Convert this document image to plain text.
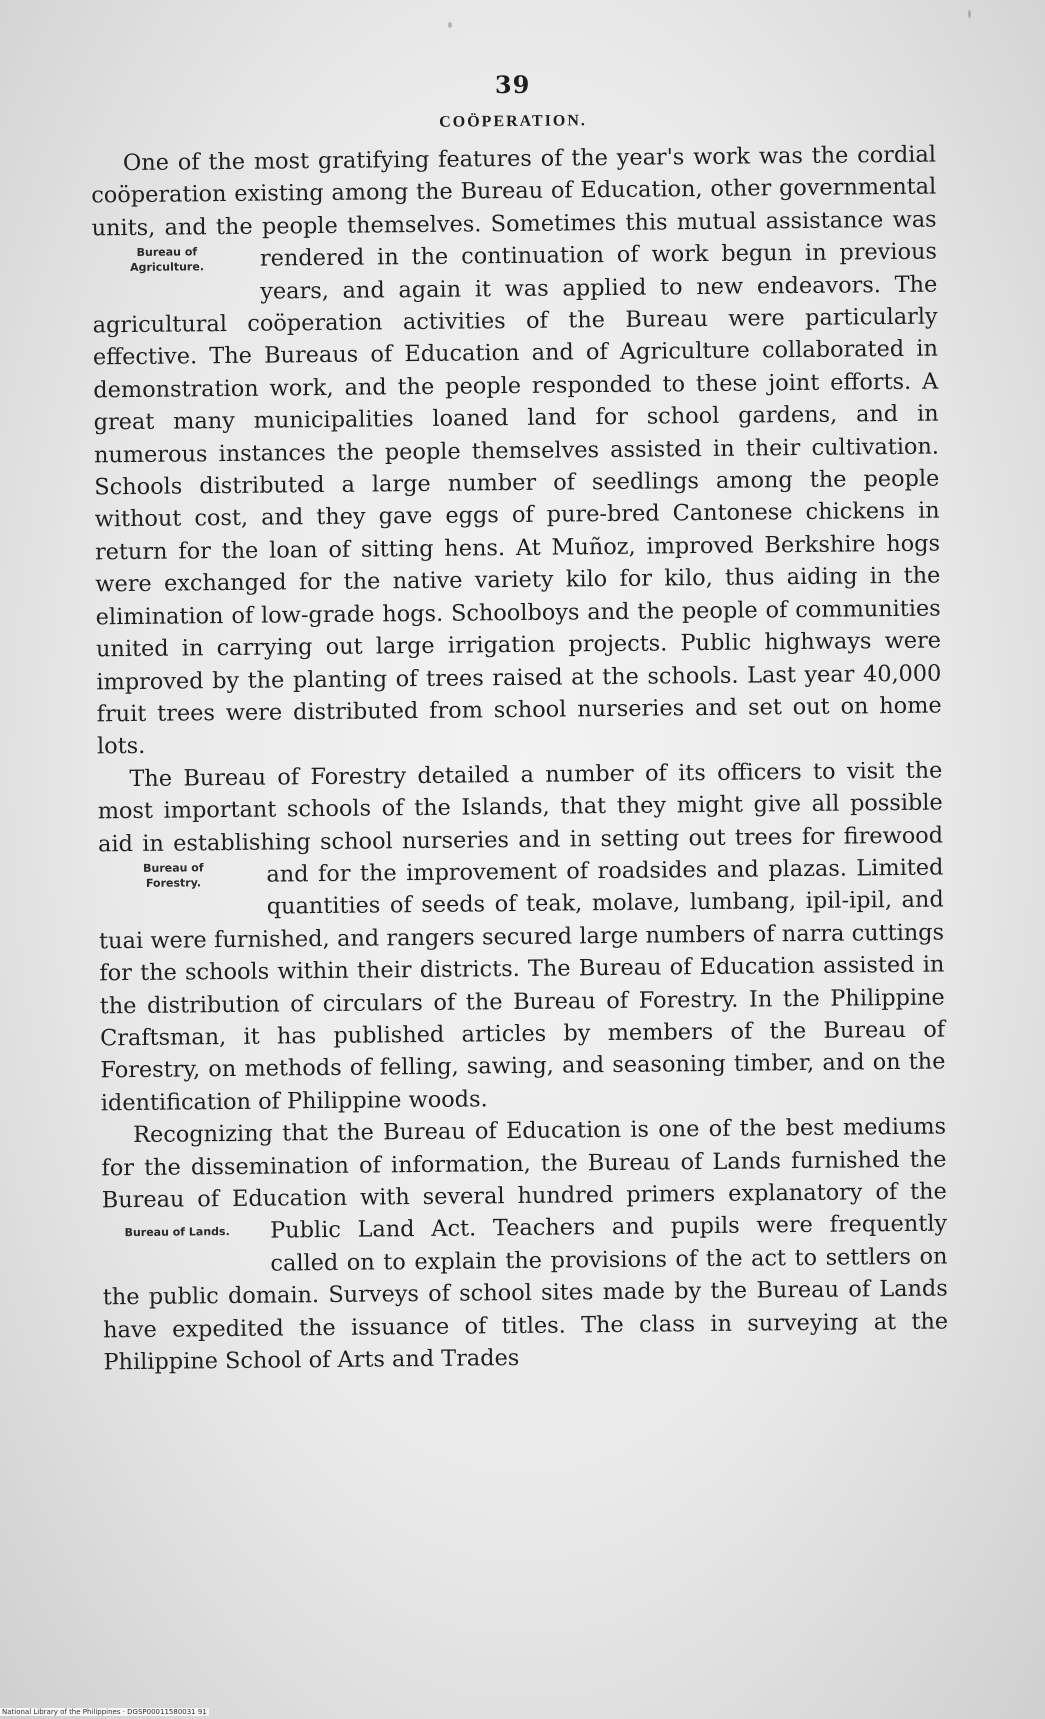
39
COÖPERATION.

One of the most gratifying features of the year's work was the cordial coöperation existing among the Bureau of Education, other governmental units, and the people themselves. Sometimes
Bureau of Agriculture.
this mutual assistance was rendered in the continuation of work begun in previous years, and again it was applied to new endeavors. The agricultural coöperation activities of the Bureau were particularly effective. The Bureaus of Education and of Agriculture collaborated in demonstration work, and the people responded to these joint efforts. A great many municipalities loaned land for school gardens, and in numerous instances the people themselves assisted in their cultivation. Schools distributed a large number of seedlings among the people without cost, and they gave eggs of pure-bred Cantonese chickens in return for the loan of sitting hens. At Muñoz, improved Berkshire hogs were exchanged for the native variety kilo for kilo, thus aiding in the elimination of low-grade hogs. Schoolboys and the people of communities united in carrying out large irrigation projects. Public highways were improved by the planting of trees raised at the schools. Last year 40,000 fruit trees were distributed from school nurseries and set out on home lots.

The Bureau of Forestry detailed a number of its officers to visit the most important schools of the Islands, that they might give all possible aid in establishing school nurseries and in set
Bureau of Forestry.
ting out trees for firewood and for the improvement of roadsides and plazas. Limited quantities of seeds of teak, molave, lumbang, ipil-ipil, and tuai were furnished, and rangers secured large numbers of narra cuttings for the schools within their districts. The Bureau of Education assisted in the distribution of circulars of the Bureau of Forestry. In the Philippine Craftsman, it has published articles by members of the Bureau of Forestry, on methods of felling, sawing, and seasoning timber, and on the identification of Philippine woods.

Recognizing that the Bureau of Education is one of the best mediums for the dissemination of information, the Bureau of Lands furnished the Bureau of Education with several hundred
Bureau of Lands.
primers explanatory of the Public Land Act. Teachers and pupils were frequently called on to explain the provisions of the act to settlers on the public domain. Surveys of school sites made by the Bureau of Lands have expedited the issuance of titles. The class in surveying at the Philippine School of Arts and Trades

National Library of the Philippines · DGSP00011580031 91
